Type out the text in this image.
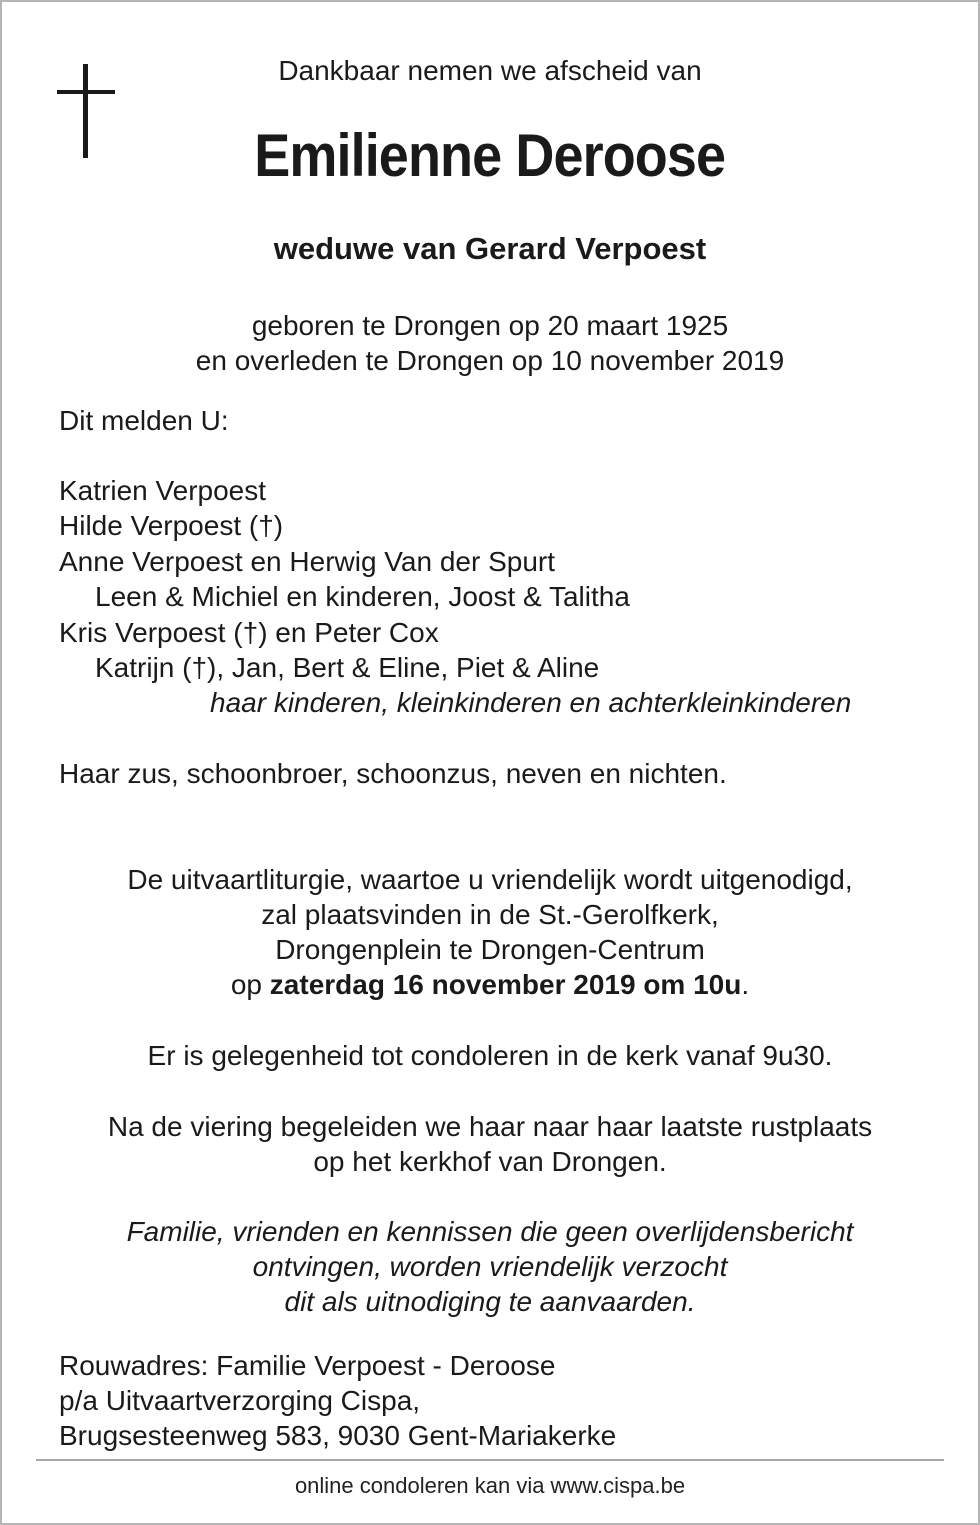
Dankbaar nemen we afscheid van
Emilienne Deroose
weduwe van Gerard Verpoest
geboren te Drongen op 20 maart 1925
en overleden te Drongen op 10 november 2019
Dit melden U:
Katrien Verpoest
Hilde Verpoest (†)
Anne Verpoest en Herwig Van der Spurt
Leen & Michiel en kinderen, Joost & Talitha
Kris Verpoest (†) en Peter Cox
Katrijn (†), Jan, Bert & Eline, Piet & Aline
haar kinderen, kleinkinderen en achterkleinkinderen
Haar zus, schoonbroer, schoonzus, neven en nichten.
De uitvaartliturgie, waartoe u vriendelijk wordt uitgenodigd,
zal plaatsvinden in de St.-Gerolfkerk,
Drongenplein te Drongen-Centrum
op zaterdag 16 november 2019 om 10u.
Er is gelegenheid tot condoleren in de kerk vanaf 9u30.
Na de viering begeleiden we haar naar haar laatste rustplaats
op het kerkhof van Drongen.
Familie, vrienden en kennissen die geen overlijdensbericht
ontvingen, worden vriendelijk verzocht
dit als uitnodiging te aanvaarden.
Rouwadres: Familie Verpoest - Deroose
p/a Uitvaartverzorging Cispa,
Brugsesteenweg 583, 9030 Gent-Mariakerke
online condoleren kan via www.cispa.be
